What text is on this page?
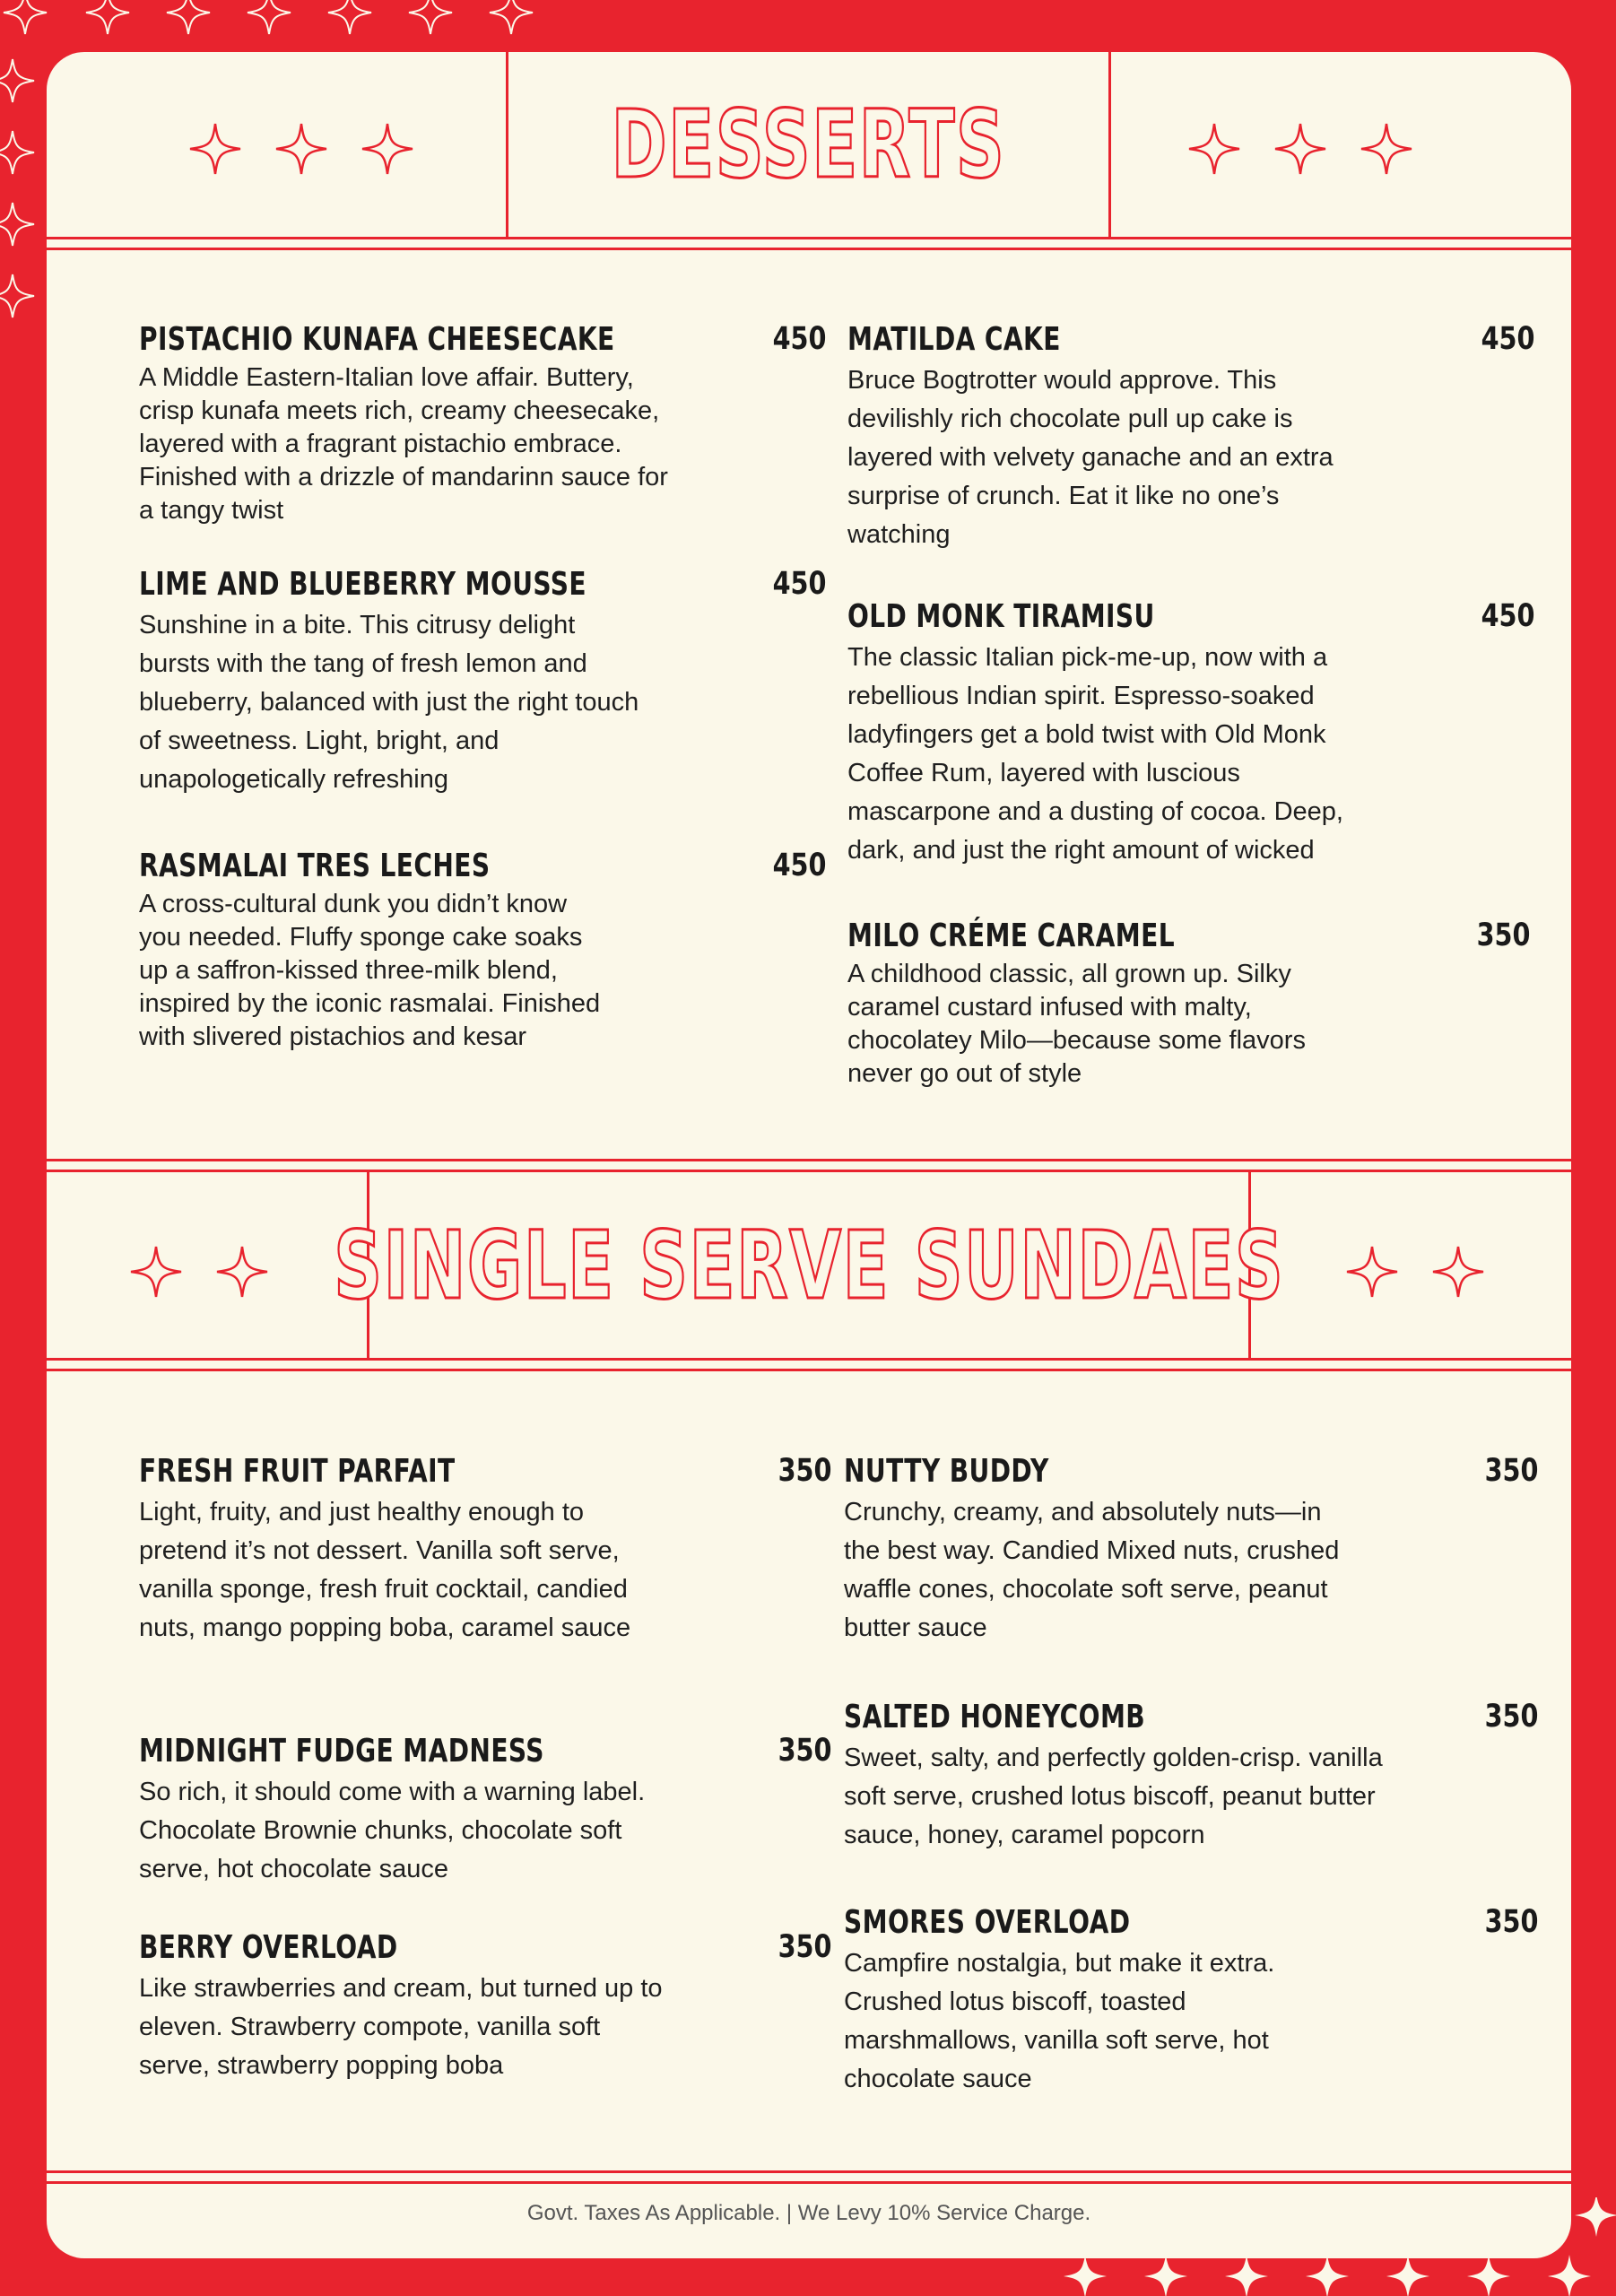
DESSERTS
PISTACHIO KUNAFA CHEESECAKE	450
A Middle Eastern-Italian love affair. Buttery, crisp kunafa meets rich, creamy cheesecake, layered with a fragrant pistachio embrace. Finished with a drizzle of mandarinn sauce for a tangy twist
LIME AND BLUEBERRY MOUSSE	450
Sunshine in a bite. This citrusy delight bursts with the tang of fresh lemon and blueberry, balanced with just the right touch of sweetness. Light, bright, and unapologetically refreshing
RASMALAI TRES LECHES	450
A cross-cultural dunk you didn’t know you needed. Fluffy sponge cake soaks up a saffron-kissed three-milk blend, inspired by the iconic rasmalai. Finished with slivered pistachios and kesar
MATILDA CAKE	450
Bruce Bogtrotter would approve. This devilishly rich chocolate pull up cake is layered with velvety ganache and an extra surprise of crunch. Eat it like no one’s watching
OLD MONK TIRAMISU	450
The classic Italian pick-me-up, now with a rebellious Indian spirit. Espresso-soaked ladyfingers get a bold twist with Old Monk Coffee Rum, layered with luscious mascarpone and a dusting of cocoa. Deep, dark, and just the right amount of wicked
MILO CRÉME CARAMEL	350
A childhood classic, all grown up. Silky caramel custard infused with malty, chocolatey Milo—because some flavors never go out of style
SINGLE SERVE SUNDAES
FRESH FRUIT PARFAIT	350
Light, fruity, and just healthy enough to pretend it’s not dessert. Vanilla soft serve, vanilla sponge, fresh fruit cocktail, candied nuts, mango popping boba, caramel sauce
MIDNIGHT FUDGE MADNESS	350
So rich, it should come with a warning label. Chocolate Brownie chunks, chocolate soft serve, hot chocolate sauce
BERRY OVERLOAD	350
Like strawberries and cream, but turned up to eleven. Strawberry compote, vanilla soft serve, strawberry popping boba
NUTTY BUDDY	350
Crunchy, creamy, and absolutely nuts—in the best way. Candied Mixed nuts, crushed waffle cones, chocolate soft serve, peanut butter sauce
SALTED HONEYCOMB	350
Sweet, salty, and perfectly golden-crisp. vanilla soft serve, crushed lotus biscoff, peanut butter sauce, honey, caramel popcorn
SMORES OVERLOAD	350
Campfire nostalgia, but make it extra. Crushed lotus biscoff, toasted marshmallows, vanilla soft serve, hot chocolate sauce
Govt. Taxes As Applicable. | We Levy 10% Service Charge.
